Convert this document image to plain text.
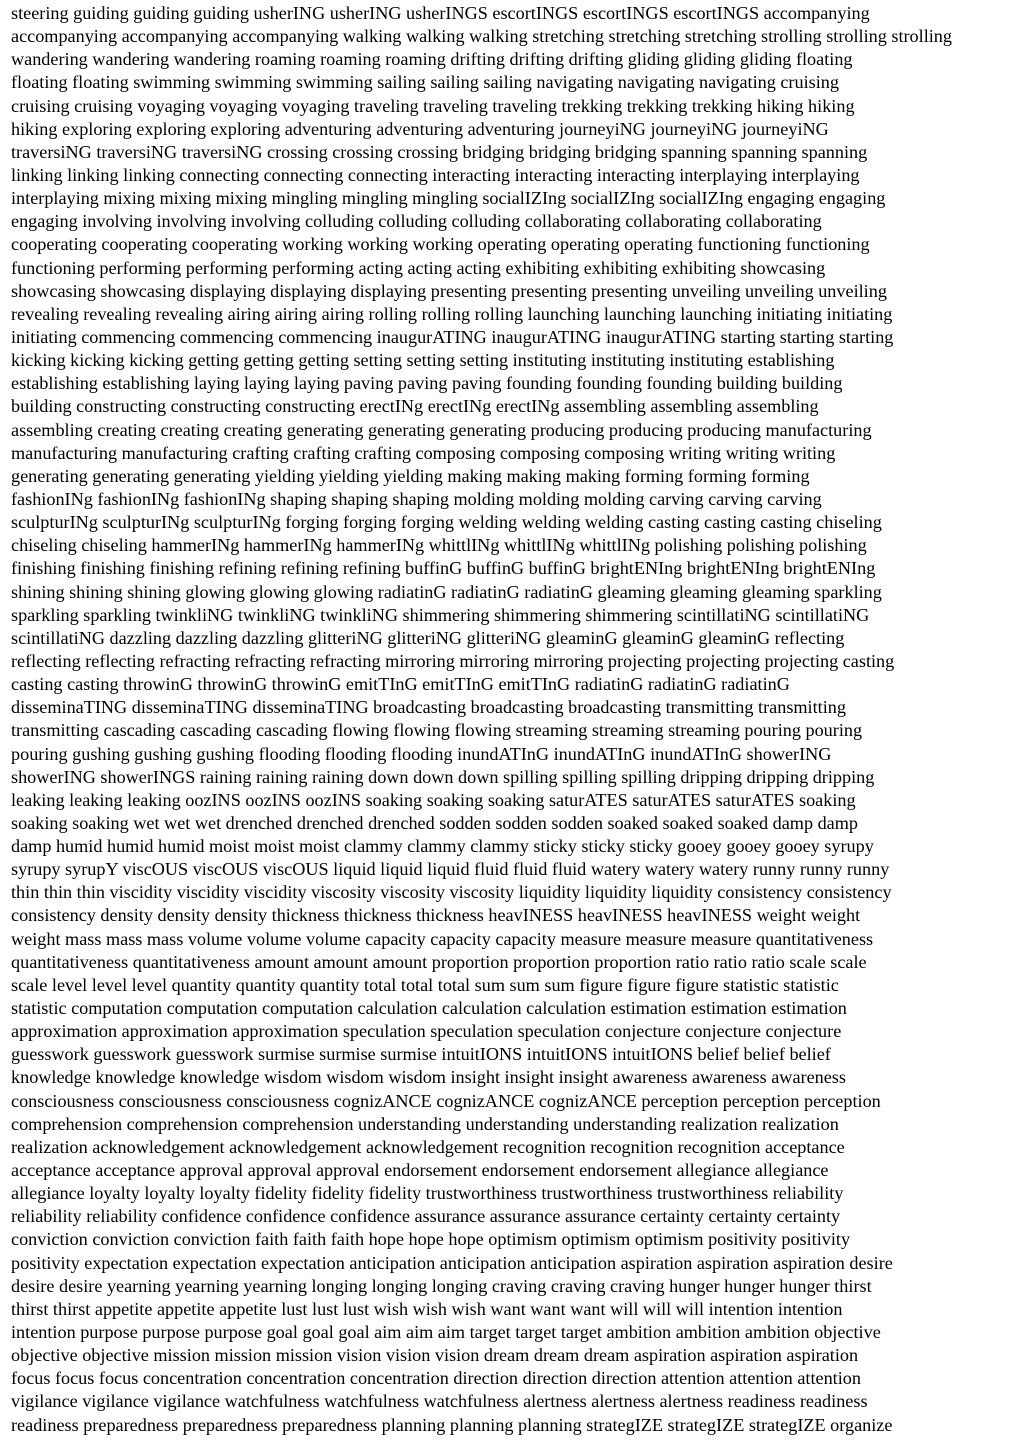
steering guiding guiding guiding usherING usherING usherINGS escortINGS escortINGS escortINGS accompanying
accompanying accompanying accompanying walking walking walking stretching stretching stretching strolling strolling strolling
wandering wandering wandering roaming roaming roaming drifting drifting drifting gliding gliding gliding floating
floating floating swimming swimming swimming sailing sailing sailing navigating navigating navigating cruising
cruising cruising voyaging voyaging voyaging traveling traveling traveling trekking trekking trekking hiking hiking
hiking exploring exploring exploring adventuring adventuring adventuring journeyiNG journeyiNG journeyiNG
traversiNG traversiNG traversiNG crossing crossing crossing bridging bridging bridging spanning spanning spanning
linking linking linking connecting connecting connecting interacting interacting interacting interplaying interplaying
interplaying mixing mixing mixing mingling mingling mingling socialIZIng socialIZIng socialIZIng engaging engaging
engaging involving involving involving colluding colluding colluding collaborating collaborating collaborating
cooperating cooperating cooperating working working working operating operating operating functioning functioning
functioning performing performing performing acting acting acting exhibiting exhibiting exhibiting showcasing
showcasing showcasing displaying displaying displaying presenting presenting presenting unveiling unveiling unveiling
revealing revealing revealing airing airing airing rolling rolling rolling launching launching launching initiating initiating
initiating commencing commencing commencing inaugurATING inaugurATING inaugurATING starting starting starting
kicking kicking kicking getting getting getting setting setting setting instituting instituting instituting establishing
establishing establishing laying laying laying paving paving paving founding founding founding building building
building constructing constructing constructing erectINg erectINg erectINg assembling assembling assembling
assembling creating creating creating generating generating generating producing producing producing manufacturing
manufacturing manufacturing crafting crafting crafting composing composing composing writing writing writing
generating generating generating yielding yielding yielding making making making forming forming forming
fashionINg fashionINg fashionINg shaping shaping shaping molding molding molding carving carving carving
sculpturINg sculpturINg sculpturINg forging forging forging welding welding welding casting casting casting chiseling
chiseling chiseling hammerINg hammerINg hammerINg whittlINg whittlINg whittlINg polishing polishing polishing
finishing finishing finishing refining refining refining buffinG buffinG buffinG brightENIng brightENIng brightENIng
shining shining shining glowing glowing glowing radiatinG radiatinG radiatinG gleaming gleaming gleaming sparkling
sparkling sparkling twinkliNG twinkliNG twinkliNG shimmering shimmering shimmering scintillatiNG scintillatiNG
scintillatiNG dazzling dazzling dazzling glitteriNG glitteriNG glitteriNG gleaminG gleaminG gleaminG reflecting
reflecting reflecting refracting refracting refracting mirroring mirroring mirroring projecting projecting projecting casting
casting casting throwinG throwinG throwinG emitTInG emitTInG emitTInG radiatinG radiatinG radiatinG
disseminaTING disseminaTING disseminaTING broadcasting broadcasting broadcasting transmitting transmitting
transmitting cascading cascading cascading flowing flowing flowing streaming streaming streaming pouring pouring
pouring gushing gushing gushing flooding flooding flooding inundATInG inundATInG inundATInG showerING
showerING showerINGS raining raining raining down down down spilling spilling spilling dripping dripping dripping
leaking leaking leaking oozINS oozINS oozINS soaking soaking soaking saturATES saturATES saturATES soaking
soaking soaking wet wet wet drenched drenched drenched sodden sodden sodden soaked soaked soaked damp damp
damp humid humid humid moist moist moist clammy clammy clammy sticky sticky sticky gooey gooey gooey syrupy
syrupy syrupY viscOUS viscOUS viscOUS liquid liquid liquid fluid fluid fluid watery watery watery runny runny runny
thin thin thin viscidity viscidity viscidity viscosity viscosity viscosity liquidity liquidity liquidity consistency consistency
consistency density density density thickness thickness thickness heavINESS heavINESS heavINESS weight weight
weight mass mass mass volume volume volume capacity capacity capacity measure measure measure quantitativeness
quantitativeness quantitativeness amount amount amount proportion proportion proportion ratio ratio ratio scale scale
scale level level level quantity quantity quantity total total total sum sum sum figure figure figure statistic statistic
statistic computation computation computation calculation calculation calculation estimation estimation estimation
approximation approximation approximation speculation speculation speculation conjecture conjecture conjecture
guesswork guesswork guesswork surmise surmise surmise intuitIONS intuitIONS intuitIONS belief belief belief
knowledge knowledge knowledge wisdom wisdom wisdom insight insight insight awareness awareness awareness
consciousness consciousness consciousness cognizANCE cognizANCE cognizANCE perception perception perception
comprehension comprehension comprehension understanding understanding understanding realization realization
realization acknowledgement acknowledgement acknowledgement recognition recognition recognition acceptance
acceptance acceptance approval approval approval endorsement endorsement endorsement allegiance allegiance
allegiance loyalty loyalty loyalty fidelity fidelity fidelity trustworthiness trustworthiness trustworthiness reliability
reliability reliability confidence confidence confidence assurance assurance assurance certainty certainty certainty
conviction conviction conviction faith faith faith hope hope hope optimism optimism optimism positivity positivity
positivity expectation expectation expectation anticipation anticipation anticipation aspiration aspiration aspiration desire
desire desire yearning yearning yearning longing longing longing craving craving craving hunger hunger hunger thirst
thirst thirst appetite appetite appetite lust lust lust wish wish wish want want want will will will intention intention
intention purpose purpose purpose goal goal goal aim aim aim target target target ambition ambition ambition objective
objective objective mission mission mission vision vision vision dream dream dream aspiration aspiration aspiration
focus focus focus concentration concentration concentration direction direction direction attention attention attention
vigilance vigilance vigilance watchfulness watchfulness watchfulness alertness alertness alertness readiness readiness
readiness preparedness preparedness preparedness planning planning planning strategIZE strategIZE strategIZE organize
